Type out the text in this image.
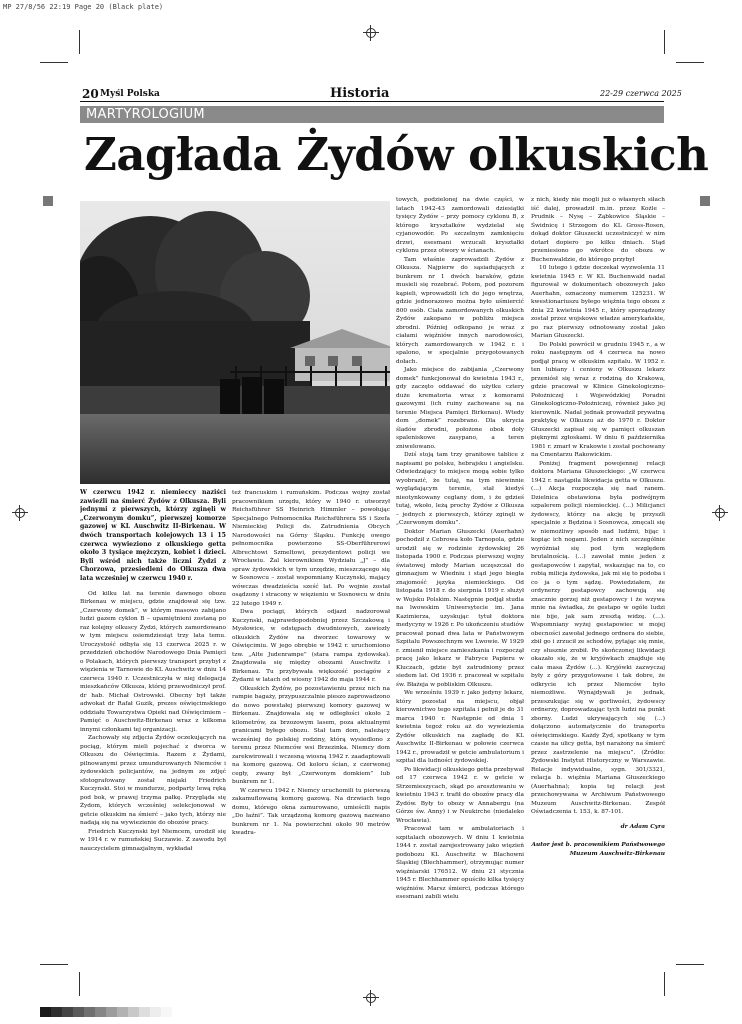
MP 27/8/56 22:19 Page 20 (Black plate)
20 Myśl Polska	Historia	22-29 czerwca 2025
MARTYROLOGIUM
Zagłada Żydów olkuskich

W czerwcu 1942 r. niemieccy naziści zawieźli na śmierć Żydów z Olkusza. Byli jednymi z pierwszych, którzy zginęli w „Czerwonym domku”, pierwszej komorze gazowej w KL Auschwitz II-Birkenau. W dwóch transportach kolejowych 13 i 15 czerwca wywieziono z olkuskiego getta około 3 tysiące mężczyzn, kobiet i dzieci. Byli wśród nich także liczni Żydzi z Chorzowa, przesiedleni do Olkusza dwa lata wcześniej w czerwcu 1940 r.

Od kilku lat na terenie dawnego obozu Birkenau w miejscu, gdzie znajdował się tzw. „Czerwony domek”, w którym masowo zabijano ludzi gazem cyklon B – upamiętnieni zostaną po raz kolejny olkuscy Żydzi, których zamordowano w tym miejscu osiemdziesiąt trzy lata temu. Uroczystość odbyła się 13 czerwca 2025 r. w przeddzień obchodów Narodowego Dnia Pamięci o Polakach, których pierwszy transport przybył z więzienia w Tarnowie do KL Auschwitz w dniu 14 czerwca 1940 r. Uczestniczyła w niej delegacja mieszkańców Olkusza, której przewodniczył prof. dr hab. Michał Ostrowski. Obecny był także adwokat dr Rafał Guzik, prezes oświęcimskiego oddziału Towarzystwa Opieki nad Oświęcimiem – Pamięć o Auschwitz-Birkenau wraz z kilkoma innymi członkami tej organizacji.

Zachowały się zdjęcia Żydów oczekujących na pociąg, którym mieli pojechać z dworca w Olkuszu do Oświęcimia. Razem z Żydami, pilnowanymi przez umundurowanych Niemców i żydowskich policjantów, na jednym ze zdjęć sfotografowany został niejaki Friedrich Kuczynski. Stoi w mundurze, podparty lewą ręką pod bok, w prawej trzyma pałkę. Przygląda się Żydom, których wcześniej selekcjonował w getcie olkuskim na śmierć – jako tych, którzy nie nadają się na wywiezienie do obozów pracy.

Friedrich Kuczynski był Niemcem, urodził się w 1914 r. w rumuńskiej Suczawie. Z zawodu był nauczycielem gimnazjalnym, wykładał

też francuskim i rumuńskim. Podczas wojny został pracownikiem urzędu, który w 1940 r. utworzył Reichsführer SS Heinrich Himmler – powołując Specjalnego Pełnomocnika Reichsführera SS i Szefa Niemieckiej Policji ds. Zatrudnienia Obcych Narodowości na Górny Śląsku. Funkcję owego pełnomocnika powierzono SS-Oberführerowi Albrechtowi Szmeltowi, prezydentowi policji we Wrocławiu. Żal kierownikiem Wydziału „J” – dla spraw żydowskich w tym urzędzie, mieszczącego się w Sosnowcu – został wspomniany Kuczynski, mający wówczas dwadzieścia sześć lat. Po wojnie został osądzony i stracony w więzieniu w Sosnowcu w dniu 22 lutego 1949 r.

Dwa pociągi, których odjazd nadzorował Kuczynski, najprawdopodobniej przez Szczakową i Mysłowice, w odstępach dwudniowych, zawiozły olkuskich Żydów na dworzec towarowy w Oświęcimiu. W jego obrębie w 1942 r. uruchomiono tzw. „Alte Judenrampe” (stara rampa żydowska). Znajdowała się między obozami Auschwitz i Birkenau. Tu przybywała większość pociągów z Żydami w latach od wiosny 1942 do maja 1944 r.

Olkuskich Żydów, po pozostawieniu przez nich na rampie bagaży, przypuszczalnie pieszo zaprowadzono do nowo powstałej pierwszej komory gazowej w Birkenau. Znajdowała się w odległości około 2 kilometrów, za brzozowym lasem, poza aktualnymi granicami byłego obozu. Stał tam dom, należący wcześniej do polskiej rodziny, którą wysiedlono z terenu przez Niemców wsi Brzezinka. Niemcy dom zarekwirowali i wczesną wiosną 1942 r. zaadaptowali na komorę gazową. Od koloru ścian, z czerwonej cegły, zwany był „Czerwonym domkiem” lub bunkrem nr 1.

W czerwcu 1942 r. Niemcy uruchomili tu pierwszą zakamuflowaną komorę gazową. Na drzwiach tego domu, którego okna zamurowano, umieścili napis „Do łaźni”. Tak urządzoną komorę gazową nazwano bunkrem nr 1. Na powierzchni około 90 metrów kwadra-

towych, podzielonej na dwie części, w latach 1942-43 zamordowali dziesiątki tysięcy Żydów – przy pomocy cyklonu B, z którego kryształków wydzielał się cyjanowodór. Po szczelnym zamknięciu drzwi, esesmani wrzucali kryształki cyklonu przez otwory w ścianach.

Tam właśnie zaprowadzili Żydów z Olkusza. Najpierw do sąsiadujących z bunkrem nr 1 dwóch baraków, gdzie musieli się rozebrać. Potem, pod pozorem kąpieli, wprowadzili ich do jego wnętrza, gdzie jednorazowo można było uśmiercić 800 osób. Ciała zamordowanych olkuskich Żydów zakopano w pobliżu miejsca zbrodni. Później odkopano je wraz z ciałami więźniów innych narodowości, których zamordowanych w 1942 r. i spalono, w specjalnie przygotowanych dołach.

Jako miejsce do zabijania „Czerwony domek” funkcjonował do kwietnia 1943 r., gdy zaczęto oddawać do użytku cztery duże krematoria wraz z komorami gazowymi (ich ruiny zachowane są na terenie Miejsca Pamięci Birkenau). Wtedy dom „domek” rozebrano. Dla ukrycia śladów zbrodni, położone obok doły spaleniskowe zasypano, a teren zniwelowano.

Dziś stoją tam trzy granitowe tablice z napisami po polsku, hebrajsku i angielsku. Odwiedzający to miejsce mogą sobie tylko wyobrazić, że tutaj, na tym niewinnie wyglądającym terenie, stał kiedyś nieotynkowany ceglany dom, i że gdzieś tutaj, wkoło, leżą prochy Żydów z Olkusza – jednych z pierwszych, którzy zginęli w „Czerwonym domku”.

Doktor Marian Głuszecki (Auerhahn) pochodził z Cebrowa koło Tarnopola, gdzie urodził się w rodzinie żydowskiej 26 listopada 1900 r. Podczas pierwszej wojny światowej młody Marian uczęszczał do gimnazjum w Wiedniu i stąd jego biegła znajomość języka niemieckiego. Od listopada 1918 r. do sierpnia 1919 r. służył w Wojsku Polskim. Następnie podjął studia na lwowskim Uniwersytecie im. Jana Kazimierza, uzyskując tytuł doktora medycyny w 1926 r. Po ukończeniu studiów pracował ponad dwa lata w Państwowym Szpitalu Powszechnym we Lwowie. W 1929 r. zmienił miejsce zamieszkania i rozpoczął pracę jako lekarz w Fabryce Papieru w Kluczach, gdzie był zatrudniony przez siedem lat. Od 1936 r. pracował w szpitalu św. Błażeja w pobliskim Olkuszu.

We wrześniu 1939 r. jako jedyny lekarz, który pozostał na miejscu, objął kierownictwo tego szpitala i pełnił je do 31 marca 1940 r. Następnie od dnia 1 kwietnia tegoż roku aż do wywiezienia Żydów olkuskich na zagładę do KL Auschwitz II-Birkenau w połowie czerwca 1942 r., prowadził w getcie ambulatorium i szpital dla ludności żydowskiej.

Po likwidacji olkuskiego getta przebywał od 17 czerwca 1942 r. w getcie w Strzemieszycach, skąd po aresztowaniu w kwietniu 1943 r. trafił do obozów pracy dla Żydów. Były to obozy w Annabergu (na Górze św. Anny) i w Neukirche (niedaleko Wrocławia).

Pracował tam w ambulatoriach i szpitalach obozowych. W dniu 1 kwietnia 1944 r. został zarejestrowany jako więzień podobozu KL Auschwitz w Blachowni Śląskiej (Blechhammer), otrzymując numer więźniarski 176512. W dniu 21 stycznia 1945 r. Blechhammer opuściło kilka tysięcy więźniów. Marsz śmierci, podczas którego esesmani zabili wielu

z nich, kiedy nie mogli już o własnych siłach iść dalej, prowadził m.in. przez Kożle – Prudnik – Nysę – Ząbkowice Śląskie – Świdnicę i Strzegom do KL Gross-Rosen, dokąd doktor Głuszecki uczestniczyć w nim dotarł dopiero po kilku dniach. Stąd przeniesiono go wkrótce do obozu w Buchenwaldzie, do którego przybył

10 lutego i gdzie doczekał wyzwolenia 11 kwietnia 1945 r. W KL Buchenwald nadal figurował w dokumentach obozowych jako Auerhahn, oznaczony numerem 125231. W kwestionariuszu byłego więźnia tego obozu z dnia 22 kwietnia 1945 r., który sporządzony został przez wojskowe władze amerykańskie, po raz pierwszy odnotowany został jako Marian Głuszecki.

Do Polski powrócił w grudniu 1945 r., a w roku następnym od 4 czerwca na nowo podjął pracę w olkuskim szpitalu. W 1952 r. ten lubiany i ceniony w Olkuszu lekarz przeniósł się wraz z rodziną do Krakowa, gdzie pracował w Klinice Ginekologiczno-Położniczej i Wojewódzkiej Poradni Ginekologiczno-Położniczej, również jako jej kierownik. Nadal jednak prowadził prywatną praktykę w Olkuszu aż do 1970 r. Doktor Głuszecki zapisał się w pamięci olkuszan pięknymi zgłoskami. W dniu 6 października 1981 r. zmarł w Krakowie i został pochowany na Cmentarzu Rakowickim.

Poniżej fragment powojennej relacji doktora Mariana Głuszeckiego: „W czerwcu 1942 r. nastąpiła likwidacja getta w Olkuszu. (…) Akcja rozpoczęła się nad ranem. Dzielnica obstawiona była podwójnym szpalerem policji niemieckiej. (…) Milicjanci żydowscy, którzy na akcję tę przyszli specjalnie z Będzina i Sosnowca, zmęcali się w niemożliwy sposób nad ludźmi, bijąc i kopiąc ich nogami. Jeden z nich szczególnie wyróżniał się pod tym względem brutalnością. (…) zawołał mnie jeden z gestapowców i zapytał, wskazując na to, co robią milicja żydowska, jak mi się to podoba i co ja o tym sądzę. Powiedziałem, że ordynerzy gestapowcy zachowują się znacznie gorzej niż gestapowcy i że wzywa mnie na świadka, że gestapo w ogóle ludzi nie bije, jak sam zresztą widzę. (…). Wspomniany wyżej gestapowiec w mojej obecności zawołał jednego ordnera do siebie, zbił go i zrzucił ze schodów, pytając się mnie, czy słusznie zrobił. Po skończonej likwidacji okazało się, że w kryjówkach znajduje się cała masa Żydów (…). Kryjówki zazwyczaj były z góry przygotowane i tak dobre, że odkrycie ich przez Niemców było niemożliwe. Wynajdywali je jednak, przeszukując się w gorliwości, żydowscy ordnerzy, doprowadzając tych ludzi na punkt zborny. Ludzi ukrywających się (…) dołączono automatycznie do transportu oświęcimskiego. Każdy Żyd, spotkany w tym czasie na ulicy getta, był narażony na śmierć przez zastrzelenie na miejscu”. (Źródło: Żydowski Instytut Historyczny w Warszawie. Relacje indywidualne, sygn. 301/3321, relacja b. więźnia Mariana Głuszeckiego (Auerhahna); kopia tej relacji jest przechowywana w Archiwum Państwowego Muzeum Auschwitz-Birkenau. Zespół Oświadczenia t. 153, k. 87-101.

dr Adam Cyra

Autor jest b. pracownikiem Państwowego Muzeum Auschwitz-Birkenau
